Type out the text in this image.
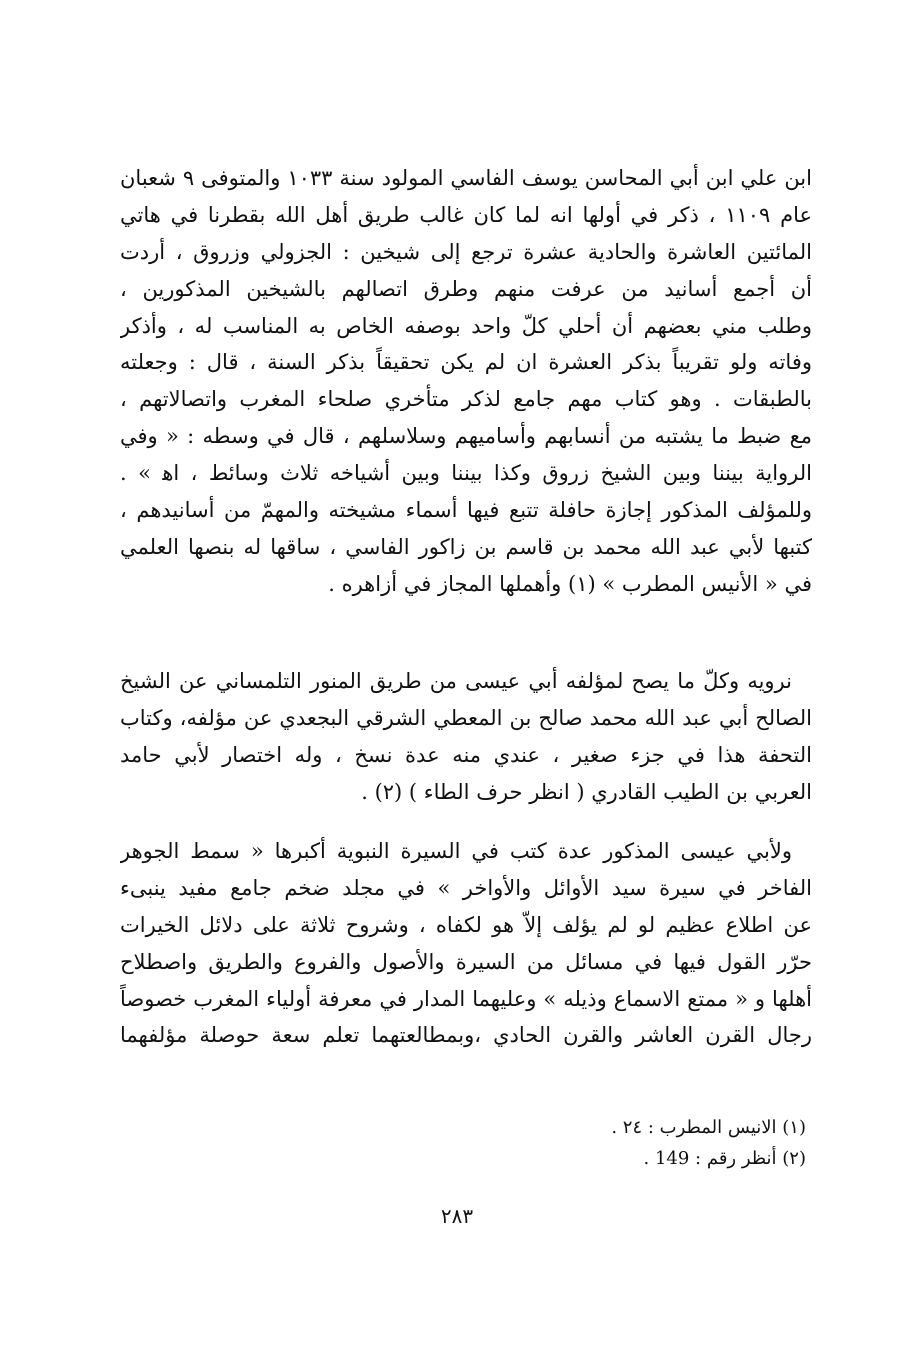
ابن علي ابن أبي المحاسن يوسف الفاسي المولود سنة ١٠٣٣ والمتوفى ٩ شعبان
عام ١١٠٩ ، ذكر في أولها انه لما كان غالب طريق أهل الله بقطرنا في هاتي
المائتين العاشرة والحادية عشرة ترجع إلى شيخين : الجزولي وزروق ، أردت
أن أجمع أسانيد من عرفت منهم وطرق اتصالهم بالشيخين المذكورين ،
وطلب مني بعضهم أن أحلي كلّ واحد بوصفه الخاص به المناسب له ، وأذكر
وفاته ولو تقريباً بذكر العشرة ان لم يكن تحقيقاً بذكر السنة ، قال : وجعلته
بالطبقات . وهو كتاب مهم جامع لذكر متأخري صلحاء المغرب واتصالاتهم ،
مع ضبط ما يشتبه من أنسابهم وأساميهم وسلاسلهم ، قال في وسطه : « وفي
الرواية بيننا وبين الشيخ زروق وكذا بيننا وبين أشياخه ثلاث وسائط ، اﻫ » .
وللمؤلف المذكور إجازة حافلة تتبع فيها أسماء مشيخته والمهمّ من أسانيدهم ،
كتبها لأبي عبد الله محمد بن قاسم بن زاكور الفاسي ، ساقها له بنصها العلمي
في « الأنيس المطرب » (١) وأهملها المجاز في أزاهره .
نرويه وكلّ ما يصح لمؤلفه أبي عيسى من طريق المنور التلمساني عن الشيخ
الصالح أبي عبد الله محمد صالح بن المعطي الشرقي البجعدي عن مؤلفه، وكتاب
التحفة هذا في جزء صغير ، عندي منه عدة نسخ ، وله اختصار لأبي حامد
العربي بن الطيب القادري ( انظر حرف الطاء ) (٢) .
ولأبي عيسى المذكور عدة كتب في السيرة النبوية أكبرها « سمط الجوهر
الفاخر في سيرة سيد الأوائل والأواخر » في مجلد ضخم جامع مفيد ينبىء
عن اطلاع عظيم لو لم يؤلف إلاّ هو لكفاه ، وشروح ثلاثة على دلائل الخيرات
حرّر القول فيها في مسائل من السيرة والأصول والفروع والطريق واصطلاح
أهلها و « ممتع الاسماع وذيله » وعليهما المدار في معرفة أولياء المغرب خصوصاً
رجال القرن العاشر والقرن الحادي ،وبمطالعتهما تعلم سعة حوصلة مؤلفهما
(١) الانيس المطرب : ٢٤ .
(٢) أنظر رقم : 149 .
٢٨٣
